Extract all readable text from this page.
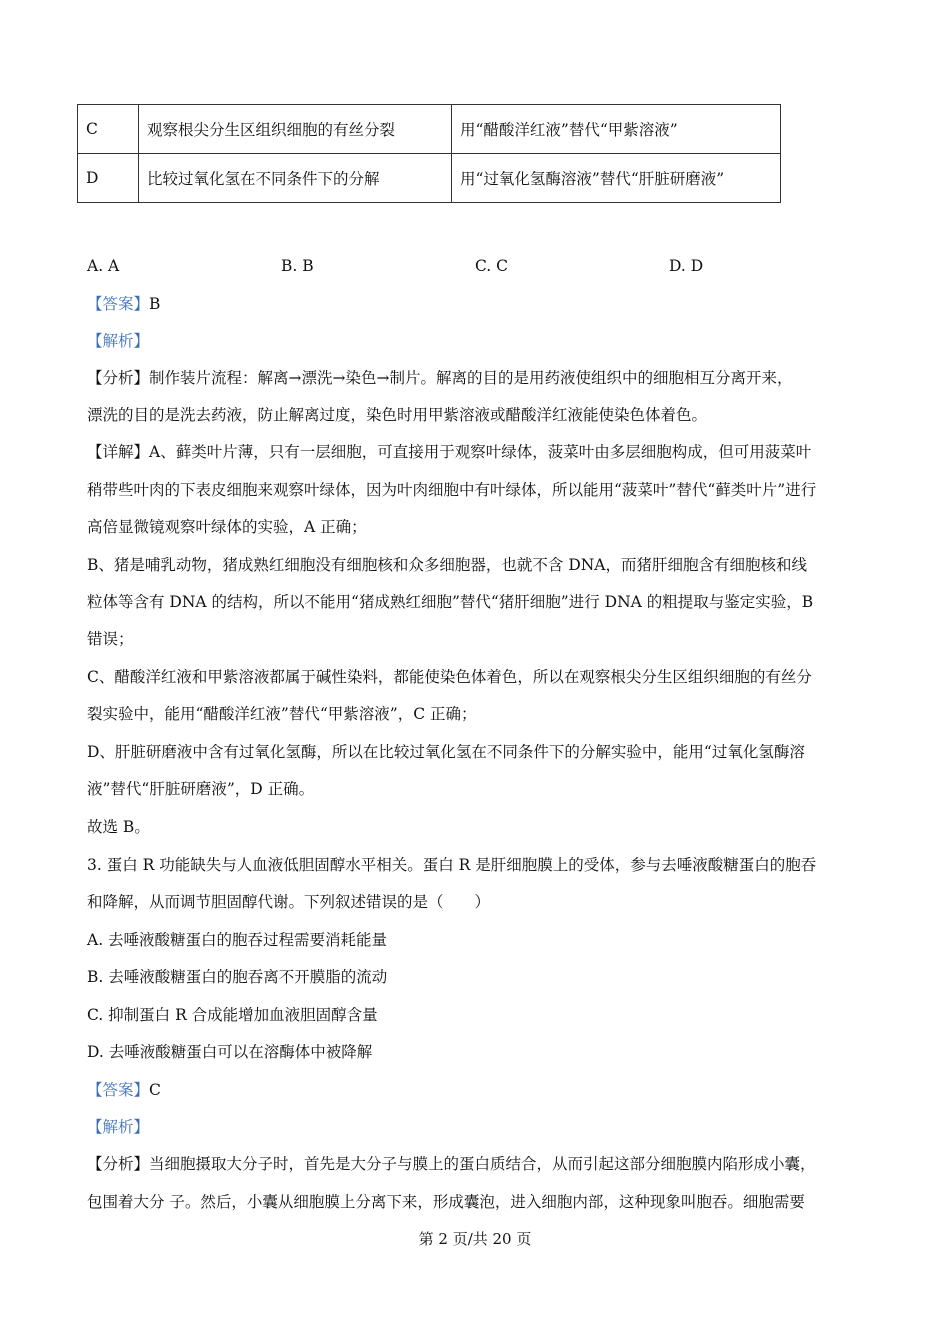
C	观察根尖分生区组织细胞的有丝分裂	用“醋酸洋红液”替代“甲紫溶液”
D	比较过氧化氢在不同条件下的分解	用“过氧化氢酶溶液”替代“肝脏研磨液”
A. A	B. B	C. C	D. D
【答案】B
【解析】
【分析】制作装片流程：解离→漂洗→染色→制片。解离的目的是用药液使组织中的细胞相互分离开来，
漂洗的目的是洗去药液，防止解离过度，染色时用甲紫溶液或醋酸洋红液能使染色体着色。
【详解】A、藓类叶片薄，只有一层细胞，可直接用于观察叶绿体，菠菜叶由多层细胞构成，但可用菠菜叶
稍带些叶肉的下表皮细胞来观察叶绿体，因为叶肉细胞中有叶绿体，所以能用“菠菜叶”替代“藓类叶片”进行
高倍显微镜观察叶绿体的实验，A 正确；
B、猪是哺乳动物，猪成熟红细胞没有细胞核和众多细胞器，也就不含 DNA，而猪肝细胞含有细胞核和线
粒体等含有 DNA 的结构，所以不能用“猪成熟红细胞”替代“猪肝细胞”进行 DNA 的粗提取与鉴定实验，B
错误；
C、醋酸洋红液和甲紫溶液都属于碱性染料，都能使染色体着色，所以在观察根尖分生区组织细胞的有丝分
裂实验中，能用“醋酸洋红液”替代“甲紫溶液”，C 正确；
D、肝脏研磨液中含有过氧化氢酶，所以在比较过氧化氢在不同条件下的分解实验中，能用“过氧化氢酶溶
液”替代“肝脏研磨液”，D 正确。
故选 B。
3. 蛋白 R 功能缺失与人血液低胆固醇水平相关。蛋白 R 是肝细胞膜上的受体，参与去唾液酸糖蛋白的胞吞
和降解，从而调节胆固醇代谢。下列叙述错误的是（　　）
A. 去唾液酸糖蛋白的胞吞过程需要消耗能量
B. 去唾液酸糖蛋白的胞吞离不开膜脂的流动
C. 抑制蛋白 R 合成能增加血液胆固醇含量
D. 去唾液酸糖蛋白可以在溶酶体中被降解
【答案】C
【解析】
【分析】当细胞摄取大分子时，首先是大分子与膜上的蛋白质结合，从而引起这部分细胞膜内陷形成小囊，
包围着大分 子。然后，小囊从细胞膜上分离下来，形成囊泡，进入细胞内部，这种现象叫胞吞。细胞需要
第 2 页/共 20 页
